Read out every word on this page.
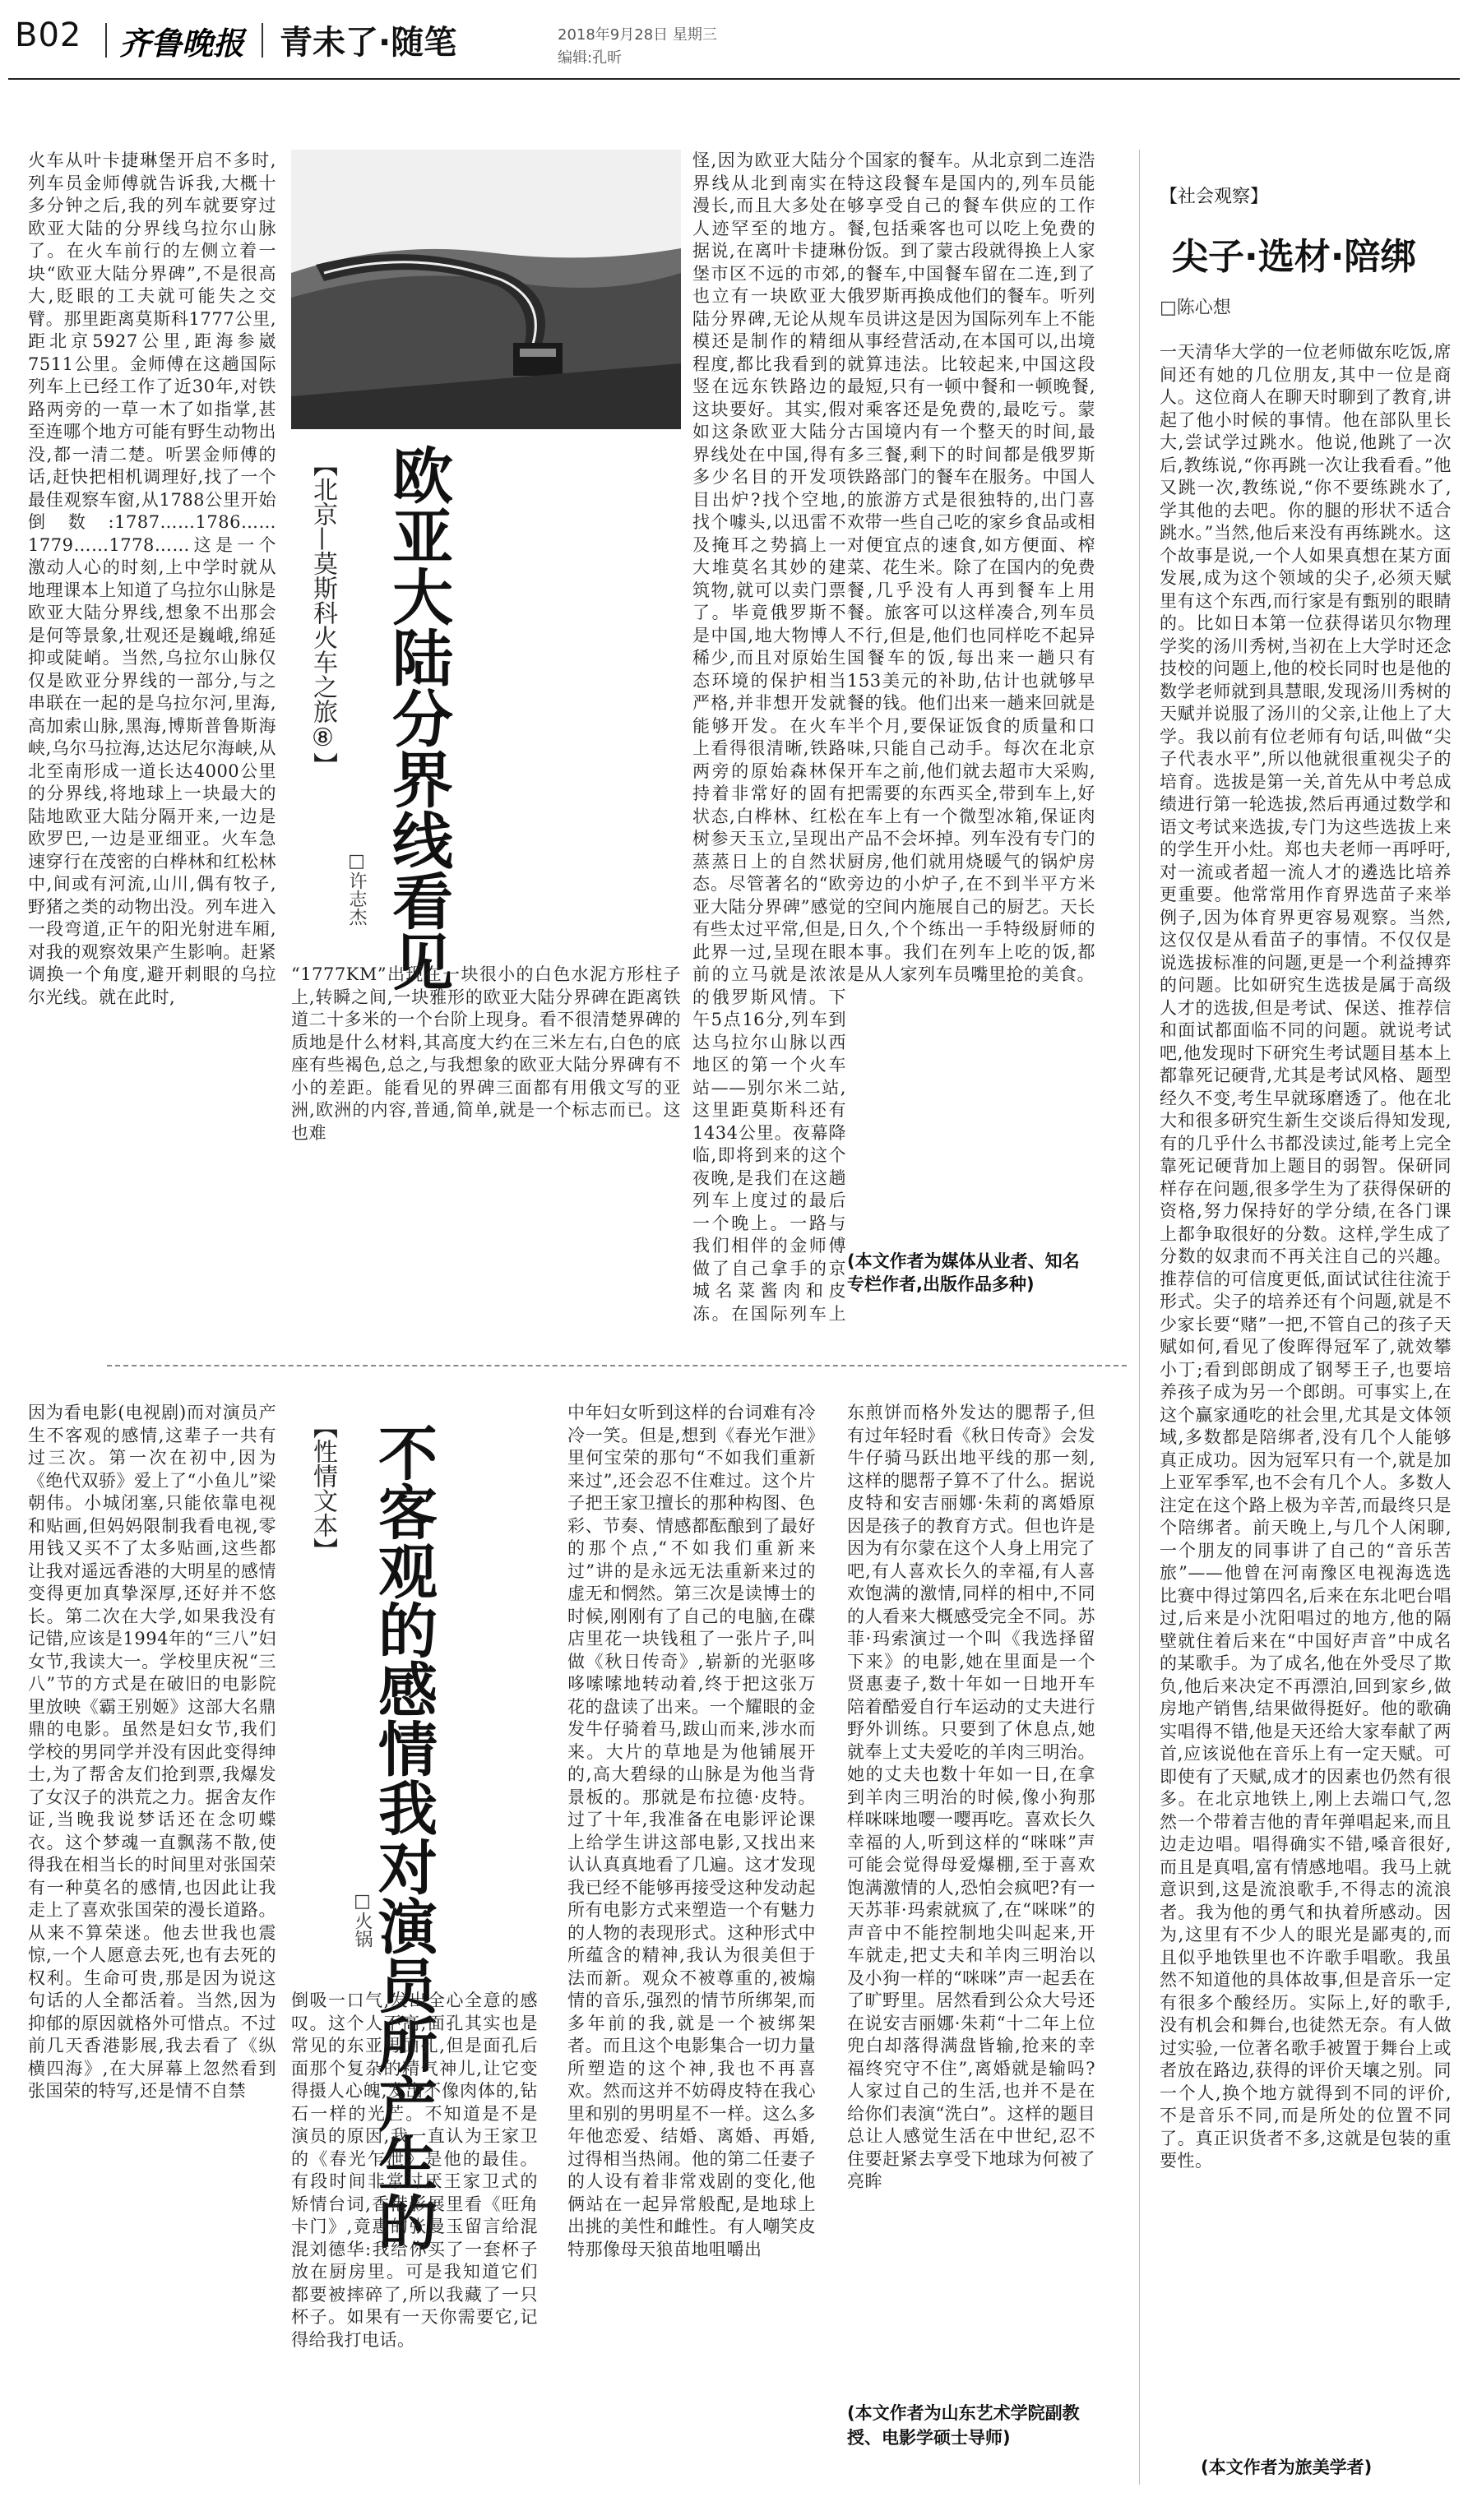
B02 齐鲁晚报 青未了·随笔	2018年9月28日 星期三
编辑:孔昕
火车从叶卡捷琳堡开启不多时,列车员金师傅就告诉我,大概十多分钟之后,我的列车就要穿过欧亚大陆的分界线乌拉尔山脉了。在火车前行的左侧立着一块“欧亚大陆分界碑”,不是很高大,貶眼的工夫就可能失之交臂。那里距离莫斯科1777公里,距北京5927公里,距海参崴7511公里。金师傅在这趟国际列车上已经工作了近30年,对铁路两旁的一草一木了如指掌,甚至连哪个地方可能有野生动物出没,都一清二楚。听罢金师傅的话,赶快把相机调理好,找了一个最佳观察车窗,从1788公里开始倒数:1787……1786……1779……1778……这是一个激动人心的时刻,上中学时就从地理课本上知道了乌拉尔山脉是欧亚大陆分界线,想象不出那会是何等景象,壮观还是巍峨,绵延抑或陡峭。当然,乌拉尔山脉仅仅是欧亚分界线的一部分,与之串联在一起的是乌拉尔河,里海,高加索山脉,黑海,博斯普鲁斯海峡,乌尔马拉海,达达尼尔海峡,从北至南形成一道长达4000公里的分界线,将地球上一块最大的陆地欧亚大陆分隔开来,一边是欧罗巴,一边是亚细亚。火车急速穿行在茂密的白桦林和红松林中,间或有河流,山川,偶有牧子,野猪之类的动物出没。列车进入一段弯道,正午的阳光射进车厢,对我的观察效果产生影响。赶紧调换一个角度,避开刺眼的乌拉尔光线。就在此时,
欧亚大陆分界线看见
【北京—莫斯科火车之旅⑧】
□许志杰
“1777KM”出现在一块很小的白色水泥方形柱子上,转瞬之间,一块雅形的欧亚大陆分界碑在距离铁道二十多米的一个台阶上现身。看不很清楚界碑的质地是什么材料,其高度大约在三米左右,白色的底座有些褐色,总之,与我想象的欧亚大陆分界碑有不小的差距。能看见的界碑三面都有用俄文写的亚洲,欧洲的内容,普通,简单,就是一个标志而已。这也难
怪,因为欧亚大陆分界线从北到南实在漫长,而且大多处在人迹罕至的地方。据说,在离叶卡捷琳堡市区不远的市郊,也立有一块欧亚大陆分界碑,无论从规模还是制作的精细程度,都比我看到的竖在远东铁路边的这块要好。其实,假如这条欧亚大陆分界线处在中国,得有多少名目的开发项目出炉?找个空地,找个噱头,以迅雷不及掩耳之势搞上一大堆莫名其妙的建筑物,就可以卖门票了。毕竟俄罗斯不是中国,地大物博人稀少,而且对原始生态环境的保护相当严格,并非想开发就能够开发。在火车上看得很清晰,铁路两旁的原始森林保持着非常好的固有状态,白桦林、红松树参天玉立,呈现出蒸蒸日上的自然状态。尽管著名的“欧亚大陆分界碑”感觉有些太过平常,但是,此界一过,呈现在眼前的立马就是浓浓的俄罗斯风情。下午5点16分,列车到达乌拉尔山脉以西地区的第一个火车站——别尔米二站,这里距莫斯科还有1434公里。夜幕降临,即将到来的这个夜晚,是我们在这趟列车上度过的最后一个晚上。一路与我们相伴的金师傅做了自己拿手的京城名菜酱肉和皮冻。在国际列车上
个国家的餐车。从北京到二连浩特这段餐车是国内的,列车员能够享受自己的餐车供应的工作餐,包括乘客也可以吃上免费的份饭。到了蒙古段就得换上人家的餐车,中国餐车留在二连,到了俄罗斯再换成他们的餐车。听列车员讲这是因为国际列车上不能从事经营活动,在本国可以,出境就算违法。比较起来,中国这段最短,只有一顿中餐和一顿晚餐,对乘客还是免费的,最吃亏。蒙古国境内有一个整天的时间,最多三餐,剩下的时间都是俄罗斯铁路部门的餐车在服务。中国人的旅游方式是很独特的,出门喜欢带一些自己吃的家乡食品或相对便宜点的速食,如方便面、榨菜、花生米。除了在国内的免费餐,几乎没有人再到餐车上用餐。旅客可以这样凑合,列车员不行,但是,他们也同样吃不起异国餐车的饭,每出来一趟只有153美元的补助,估计也就够早餐的钱。他们出来一趟来回就是半个月,要保证饭食的质量和口味,只能自己动手。每次在北京开车之前,他们就去超市大采购,把需要的东西买全,带到车上,好在车上有一个微型冰箱,保证肉产品不会坏掉。列车没有专门的厨房,他们就用烧暖气的锅炉房旁边的小炉子,在不到半平方米的空间内施展自己的厨艺。天长日久,个个练出一手特级厨师的本事。我们在列车上吃的饭,都是从人家列车员嘴里抢的美食。
(本文作者为媒体从业者、知名专栏作者,出版作品多种)
因为看电影(电视剧)而对演员产生不客观的感情,这辈子一共有过三次。第一次在初中,因为《绝代双骄》爱上了“小鱼儿”梁朝伟。小城闭塞,只能依靠电视和贴画,但妈妈限制我看电视,零用钱又买不了太多贴画,这些都让我对遥远香港的大明星的感情变得更加真挚深厚,还好并不悠长。第二次在大学,如果我没有记错,应该是1994年的“三八”妇女节,我读大一。学校里庆祝“三八”节的方式是在破旧的电影院里放映《霸王别姬》这部大名鼎鼎的电影。虽然是妇女节,我们学校的男同学并没有因此变得绅士,为了帮舍友们抢到票,我爆发了女汉子的洪荒之力。据舍友作证,当晚我说梦话还在念叨蝶衣。这个梦魂一直飘荡不散,使得我在相当长的时间里对张国荣有一种莫名的感情,也因此让我走上了喜欢张国荣的漫长道路。从来不算荣迷。他去世我也震惊,一个人愿意去死,也有去死的权利。生命可贵,那是因为说这句话的人全都活着。当然,因为抑郁的原因就格外可惜点。不过前几天香港影展,我去看了《纵横四海》,在大屏幕上忽然看到张国荣的特写,还是情不自禁	不客观的感情我对演员所产生的
【性情文本】
□火锅
倒吸一口气,发出全心全意的感叹。这个人不高,面孔其实也是常见的东亚男面孔,但是面孔后面那个复杂的精气神儿,让它变得摄人心魄,发出不像肉体的,钻石一样的光芒。不知道是不是演员的原因,我一直认为王家卫的《春光乍泄》是他的最佳。有段时间非常讨厌王家卫式的矫情台词,香港影展里看《旺角卡门》,竟惠的张曼玉留言给混混刘德华:我给你买了一套杯子放在厨房里。可是我知道它们都要被摔碎了,所以我藏了一只杯子。如果有一天你需要它,记得给我打电话。
中年妇女听到这样的台词难有冷冷一笑。但是,想到《春光乍泄》里何宝荣的那句“不如我们重新来过”,还会忍不住难过。这个片子把王家卫擅长的那种构图、色彩、节奏、情感都酝酿到了最好的那个点,“不如我们重新来过”讲的是永远无法重新来过的虚无和惘然。第三次是读博士的时候,刚刚有了自己的电脑,在碟店里花一块钱租了一张片子,叫做《秋日传奇》,崭新的光驱哆哆嗦嗦地转动着,终于把这张万花的盘读了出来。一个耀眼的金发牛仔骑着马,跋山而来,涉水而来。大片的草地是为他铺展开的,高大碧绿的山脉是为他当背景板的。那就是布拉德·皮特。过了十年,我准备在电影评论课上给学生讲这部电影,又找出来认认真真地看了几遍。这才发现我已经不能够再接受这种发动起所有电影方式来塑造一个有魅力的人物的表现形式。这种形式中所蕴含的精神,我认为很美但于法而新。观众不被尊重的,被煽情的音乐,强烈的情节所绑架,而多年前的我,就是一个被绑架者。而且这个电影集合一切力量所塑造的这个神,我也不再喜欢。然而这并不妨碍皮特在我心里和别的男明星不一样。这么多年他恋爱、结婚、离婚、再婚,过得相当热闹。他的第二任妻子的人设有着非常戏剧的变化,他俩站在一起异常般配,是地球上出挑的美性和雌性。有人嘲笑皮特那像母天狼苗地咀嚼出
东煎饼而格外发达的腮帮子,但有过年轻时看《秋日传奇》会发牛仔骑马跃出地平线的那一刻,这样的腮帮子算不了什么。据说皮特和安吉丽娜·朱莉的离婚原因是孩子的教育方式。但也许是因为有尔蒙在这个人身上用完了吧,有人喜欢长久的幸福,有人喜欢饱满的激情,同样的相中,不同的人看来大概感受完全不同。苏菲·玛索演过一个叫《我选择留下来》的电影,她在里面是一个贤惠妻子,数十年如一日地开车陪着酷爱自行车运动的丈夫进行野外训练。只要到了休息点,她就奉上丈夫爱吃的羊肉三明治。她的丈夫也数十年如一日,在拿到羊肉三明治的时候,像小狗那样咪咪地嘤一嘤再吃。喜欢长久幸福的人,听到这样的“咪咪”声可能会觉得母爱爆棚,至于喜欢饱满激情的人,恐怕会疯吧?有一天苏菲·玛索就疯了,在“咪咪”的声音中不能控制地尖叫起来,开车就走,把丈夫和羊肉三明治以及小狗一样的“咪咪”声一起丢在了旷野里。居然看到公众大号还在说安吉丽娜·朱莉“十二年上位兜白却落得满盘皆输,抢来的幸福终究守不住”,离婚就是输吗?人家过自己的生活,也并不是在给你们表演“洗白”。这样的题目总让人感觉生活在中世纪,忍不住要赶紧去享受下地球为何被了亮眸
(本文作者为山东艺术学院副教授、电影学硕士导师)
【社会观察】
尖子·选材·陪绑
□陈心想
一天清华大学的一位老师做东吃饭,席间还有她的几位朋友,其中一位是商人。这位商人在聊天时聊到了教育,讲起了他小时候的事情。他在部队里长大,尝试学过跳水。他说,他跳了一次后,教练说,“你再跳一次让我看看。”他又跳一次,教练说,“你不要练跳水了,学其他的去吧。你的腿的形状不适合跳水。”当然,他后来没有再练跳水。这个故事是说,一个人如果真想在某方面发展,成为这个领域的尖子,必须天赋里有这个东西,而行家是有甄别的眼睛的。比如日本第一位获得诺贝尔物理学奖的汤川秀树,当初在上大学时还念技校的问题上,他的校长同时也是他的数学老师就到具慧眼,发现汤川秀树的天赋并说服了汤川的父亲,让他上了大学。我以前有位老师有句话,叫做“尖子代表水平”,所以他就很重视尖子的培育。选拔是第一关,首先从中考总成绩进行第一轮选拔,然后再通过数学和语文考试来选拔,专门为这些选拔上来的学生开小灶。郑也夫老师一再呼吁,对一流或者超一流人才的遴选比培养更重要。他常常用作育界选苗子来举例子,因为体育界更容易观察。当然,这仅仅是从看苗子的事情。不仅仅是说选拔标准的问题,更是一个利益搏弈的问题。比如研究生选拔是属于高级人才的选拔,但是考试、保送、推荐信和面试都面临不同的问题。就说考试吧,他发现时下研究生考试题目基本上都靠死记硬背,尤其是考试风格、题型经久不变,考生早就琢磨透了。他在北大和很多研究生新生交谈后得知发现,有的几乎什么书都没读过,能考上完全靠死记硬背加上题目的弱智。保研同样存在问题,很多学生为了获得保研的资格,努力保持好的学分绩,在各门课上都争取很好的分数。这样,学生成了分数的奴隶而不再关注自己的兴趣。推荐信的可信度更低,面试试往往流于形式。尖子的培养还有个问题,就是不少家长要“赌”一把,不管自己的孩子天赋如何,看见了俊晖得冠军了,就效攀小丁;看到郎朗成了钢琴王子,也要培养孩子成为另一个郎朗。可事实上,在这个赢家通吃的社会里,尤其是文体领域,多数都是陪绑者,没有几个人能够真正成功。因为冠军只有一个,就是加上亚军季军,也不会有几个人。多数人注定在这个路上极为辛苦,而最终只是个陪绑者。前天晚上,与几个人闲聊,一个朋友的同事讲了自己的“音乐苦旅”——他曾在河南豫区电视海选选比赛中得过第四名,后来在东北吧台唱过,后来是小沈阳唱过的地方,他的隔壁就住着后来在“中国好声音”中成名的某歌手。为了成名,他在外受尽了欺负,他后来决定不再漂泊,回到家乡,做房地产销售,结果做得挺好。他的歌确实唱得不错,他是天还给大家奉献了两首,应该说他在音乐上有一定天赋。可即使有了天赋,成才的因素也仍然有很多。在北京地铁上,刚上去端口气,忽然一个带着吉他的青年弹唱起来,而且边走边唱。唱得确实不错,嗓音很好,而且是真唱,富有情感地唱。我马上就意识到,这是流浪歌手,不得志的流浪者。我为他的勇气和执着所感动。因为,这里有不少人的眼光是鄙夷的,而且似乎地铁里也不许歌手唱歌。我虽然不知道他的具体故事,但是音乐一定有很多个酸经历。实际上,好的歌手,没有机会和舞台,也徒然无奈。有人做过实验,一位著名歌手被置于舞台上或者放在路边,获得的评价天壤之别。同一个人,换个地方就得到不同的评价,不是音乐不同,而是所处的位置不同了。真正识货者不多,这就是包装的重要性。
(本文作者为旅美学者)
